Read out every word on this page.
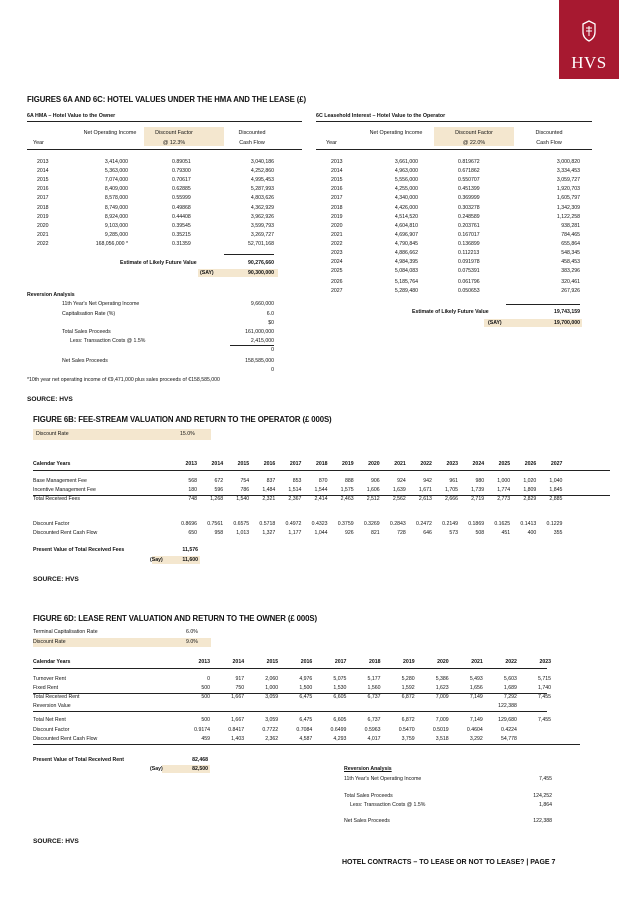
HVS
FIGURES 6A AND 6C: HOTEL VALUES UNDER THE HMA AND THE LEASE (£)
6A HMA – Hotel Value to the Owner
Net Operating Income	Discount Factor
@ 12.3%
Discounted
Cash Flow
Year
2013	3,414,000	0.89051	3,040,186
2014	5,363,000	0.79300	4,252,860
2015	7,074,000	0.70617	4,995,453
2016	8,409,000	0.62885	5,287,993
2017	8,578,000	0.55999	4,803,626
2018	8,749,000	0.49868	4,362,929
2019	8,924,000	0.44408	3,962,926
2020	9,103,000	0.39545	3,599,793
2021	9,285,000	0.35215	3,269,727
2022	168,056,000 *	0.31359	52,701,168
Estimate of Likely Future Value	90,276,660
(SAY)	90,300,000
Reversion Analysis
11th Year's Net Operating Income	9,660,000
Capitalisation Rate (%)	6.0
$0
Total Sales Proceeds	161,000,000
Less: Transaction Costs @ 1.5%	2,415,000
0
Net Sales Proceeds	158,585,000
0
*10th year net operating income of €9,471,000 plus sales proceeds of €158,585,000
6C Leasehold Interest – Hotel Value to the Operator
Net Operating Income	Discount Factor
@ 22.0%
Discounted
Cash Flow
Year
2013	3,661,000	0.819672	3,000,820
2014	4,963,000	0.671862	3,334,453
2015	5,556,000	0.550707	3,059,727
2016	4,255,000	0.451399	1,920,703
2017	4,340,000	0.369999	1,605,797
2018	4,426,000	0.303278	1,342,309
2019	4,514,520	0.248589	1,122,258
2020	4,604,810	0.203761	938,281
2021	4,696,907	0.167017	784,465
2022	4,790,845	0.136899	655,864
2023	4,886,662	0.112213	548,345
2024	4,984,395	0.091978	458,453
2025	5,084,083	0.075391	383,296
2026	5,185,764	0.061796	320,461
2027	5,289,480	0.050653	267,926
Estimate of Likely Future Value	19,743,159
(SAY)	19,700,000
SOURCE: HVS
FIGURE 6B: FEE-STREAM VALUATION AND RETURN TO THE OPERATOR (£ 000S)
Discount Rate	15.0%
Calendar Years	2013	2014	2015	2016	2017	2018	2019	2020	2021	2022	2023	2024	2025	2026	2027
Base Management Fee	568	672	754	837	853	870	888	906	924	942	961	980	1,000	1,020	1,040
Incentive Management Fee	180	596	786	1,484	1,514	1,544	1,575	1,606	1,639	1,671	1,705	1,739	1,774	1,809	1,845
Total Received Fees	748	1,268	1,540	2,321	2,367	2,414	2,463	2,512	2,562	2,613	2,666	2,719	2,773	2,829	2,885
Discount Factor	0.8696	0.7561	0.6575	0.5718	0.4972	0.4323	0.3759	0.3269	0.2843	0.2472	0.2149	0.1869	0.1625	0.1413	0.1229
Discounted Rent Cash Flow	650	958	1,013	1,327	1,177	1,044	926	821	728	646	573	508	451	400	355
Present Value of Total Received Fees	11,576
(Say)	11,600
SOURCE: HVS
FIGURE 6D: LEASE RENT VALUATION AND RETURN TO THE OWNER (£ 000S)
Terminal Capitalisation Rate	6.0%
Discount Rate	9.0%
Calendar Years	2013	2014	2015	2016	2017	2018	2019	2020	2021	2022	2023
Turnover Rent	0	917	2,060	4,976	5,075	5,177	5,280	5,386	5,493	5,603	5,715
Fixed Rent	500	750	1,000	1,500	1,530	1,560	1,592	1,623	1,656	1,689	1,740
Total Received Rent	500	1,667	3,059	6,475	6,605	6,737	6,872	7,009	7,149	7,292	7,455
Reversion Value	122,388
Total Net Rent	500	1,667	3,059	6,475	6,605	6,737	6,872	7,009	7,149	129,680	7,455
Discount Factor	0.9174	0.8417	0.7722	0.7084	0.6499	0.5963	0.5470	0.5019	0.4604	0.4224
Discounted Rent Cash Flow	459	1,403	2,362	4,587	4,293	4,017	3,759	3,518	3,292	54,778
Present Value of Total Received Rent	82,468
(Say)	82,500	Reversion Analysis
11th Year's Net Operating Income	7,455
Total Sales Proceeds	124,252
Less: Transaction Costs @ 1.5%	1,864
Net Sales Proceeds	122,388
SOURCE: HVS
HOTEL CONTRACTS – TO LEASE OR NOT TO LEASE? | PAGE 7
